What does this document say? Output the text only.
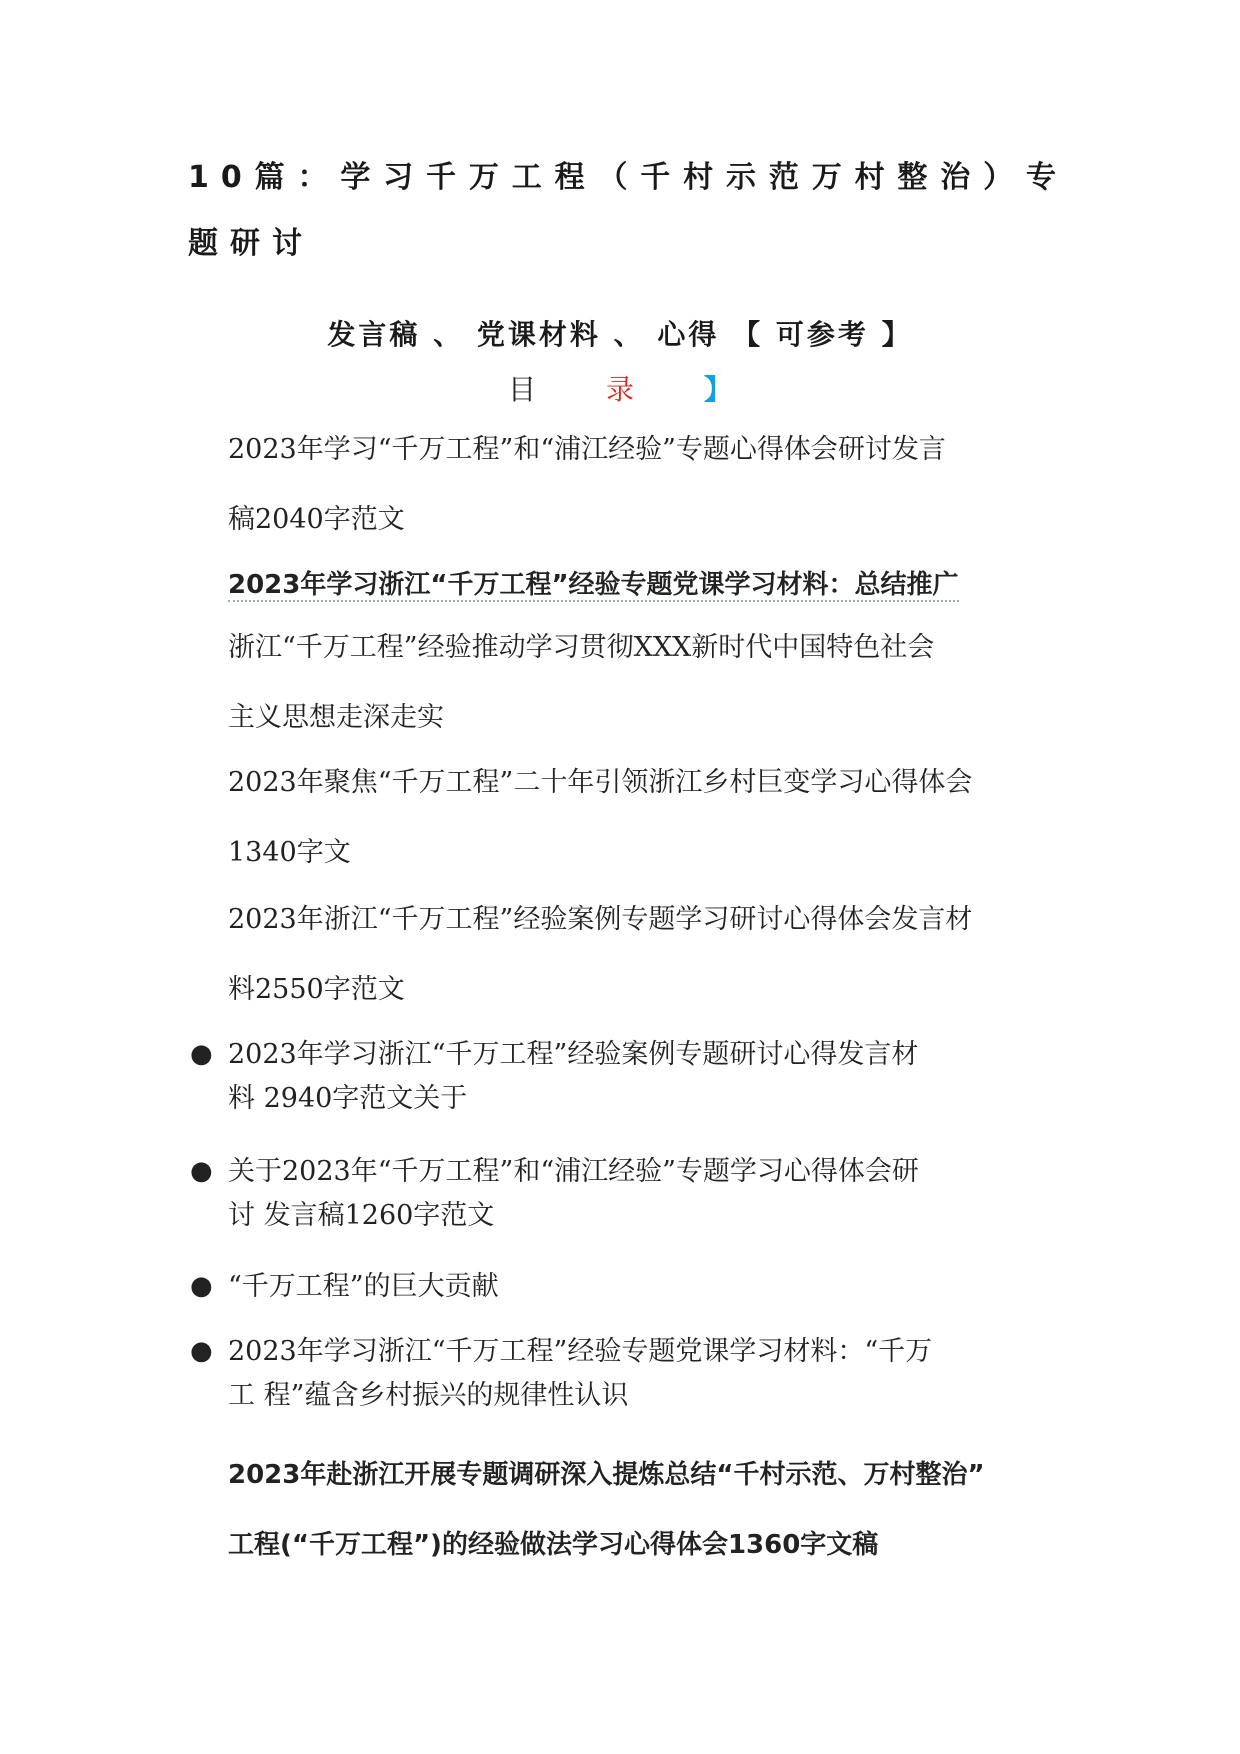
10篇：学习千万工程（千村示范万村整治）专题研讨
发言稿 、 党课材料 、 心得 【 可参考 】
目	录	】
2023年学习“千万工程”和“浦江经验”专题心得体会研讨发言
稿2040字范文
2023年学习浙江“千万工程”经验专题党课学习材料：总结推广
浙江“千万工程”经验推动学习贯彻XXX新时代中国特色社会
主义思想走深走实
2023年聚焦“千万工程”二十年引领浙江乡村巨变学习心得体会
1340字文
2023年浙江“千万工程”经验案例专题学习研讨心得体会发言材
料2550字范文
● 2023年学习浙江“千万工程”经验案例专题研讨心得发言材
料 2940字范文关于
● 关于2023年“千万工程”和“浦江经验”专题学习心得体会研
讨 发言稿1260字范文
● “千万工程”的巨大贡献
● 2023年学习浙江“千万工程”经验专题党课学习材料：“千万
工 程”蕴含乡村振兴的规律性认识
2023年赴浙江开展专题调研深入提炼总结“千村示范、万村整治”
工程(“千万工程”)的经验做法学习心得体会1360字文稿
